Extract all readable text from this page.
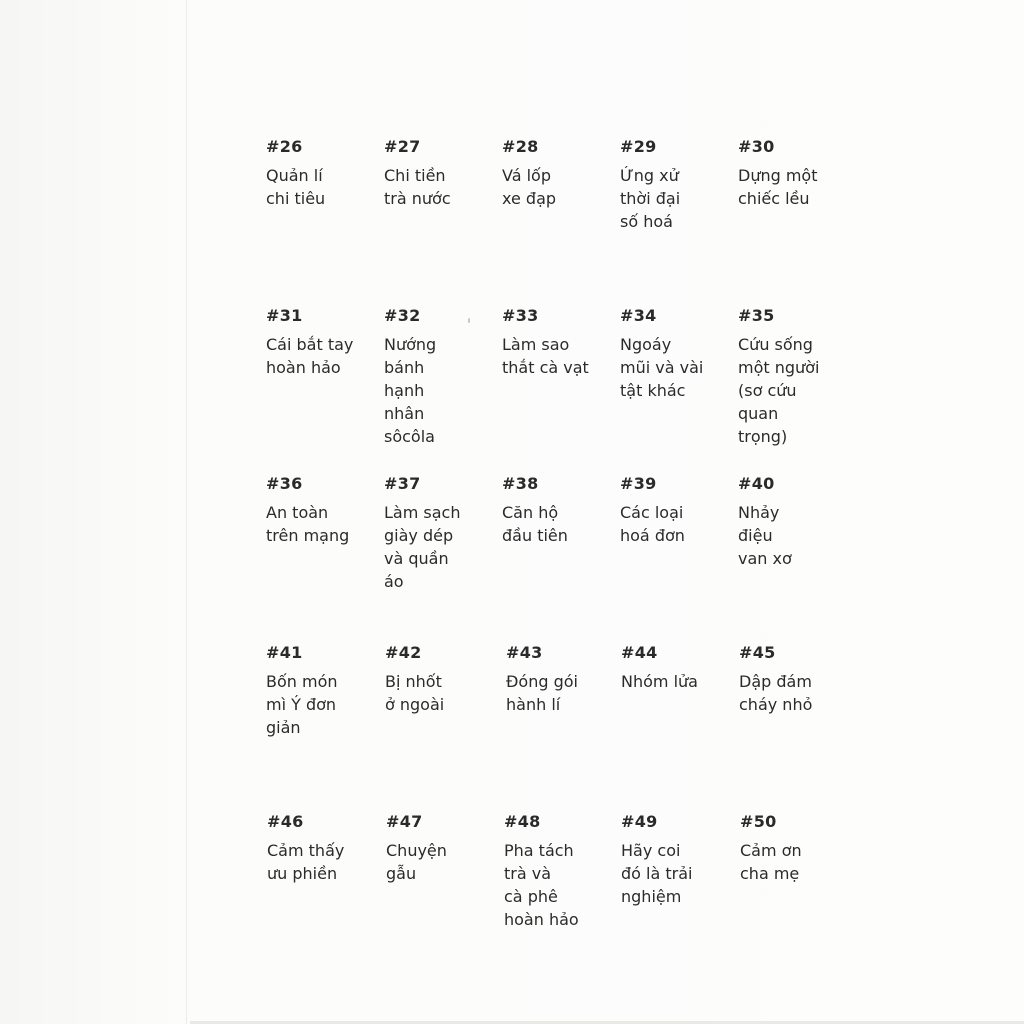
#26
Quản lí
chi tiêu
#27
Chi tiền
trà nước
#28
Vá lốp
xe đạp
#29
Ứng xử
thời đại
số hoá
#30
Dựng một
chiếc lều
#31
Cái bắt tay
hoàn hảo
#32
Nướng
bánh
hạnh
nhân
sôcôla
#33
Làm sao
thắt cà vạt
#34
Ngoáy
mũi và vài
tật khác
#35
Cứu sống
một người
(sơ cứu
quan
trọng)
#36
An toàn
trên mạng
#37
Làm sạch
giày dép
và quần
áo
#38
Căn hộ
đầu tiên
#39
Các loại
hoá đơn
#40
Nhảy
điệu
van xơ
#41
Bốn món
mì Ý đơn
giản
#42
Bị nhốt
ở ngoài
#43
Đóng gói
hành lí
#44
Nhóm lửa
#45
Dập đám
cháy nhỏ
#46
Cảm thấy
ưu phiền
#47
Chuyện
gẫu
#48
Pha tách
trà và
cà phê
hoàn hảo
#49
Hãy coi
đó là trải
nghiệm
#50
Cảm ơn
cha mẹ
